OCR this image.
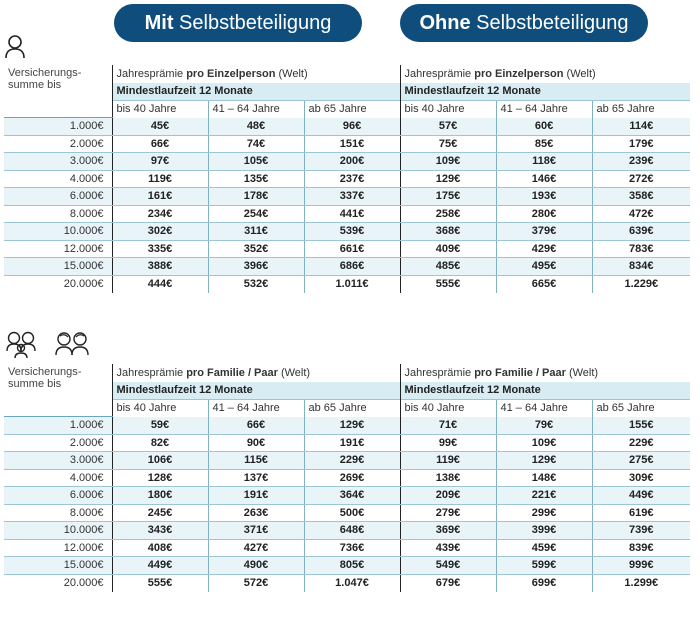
Mit Selbstbeteiligung	Ohne Selbstbeteiligung
Versicherungs-
summe bis	Jahresprämie pro Einzelperson (Welt)			Jahresprämie pro Einzelperson (Welt)		
	Mindestlaufzeit 12 Monate			Mindestlaufzeit 12 Monate		
	bis 40 Jahre	41 – 64 Jahre	ab 65 Jahre	bis 40 Jahre	41 – 64 Jahre	ab 65 Jahre
1.000€	45€	48€	96€	57€	60€	114€
2.000€	66€	74€	151€	75€	85€	179€
3.000€	97€	105€	200€	109€	118€	239€
4.000€	119€	135€	237€	129€	146€	272€
6.000€	161€	178€	337€	175€	193€	358€
8.000€	234€	254€	441€	258€	280€	472€
10.000€	302€	311€	539€	368€	379€	639€
12.000€	335€	352€	661€	409€	429€	783€
15.000€	388€	396€	686€	485€	495€	834€
20.000€	444€	532€	1.011€	555€	665€	1.229€
Versicherungs-
summe bis	Jahresprämie pro Familie / Paar (Welt)			Jahresprämie pro Familie / Paar (Welt)		
	Mindestlaufzeit 12 Monate			Mindestlaufzeit 12 Monate		
	bis 40 Jahre	41 – 64 Jahre	ab 65 Jahre	bis 40 Jahre	41 – 64 Jahre	ab 65 Jahre
1.000€	59€	66€	129€	71€	79€	155€
2.000€	82€	90€	191€	99€	109€	229€
3.000€	106€	115€	229€	119€	129€	275€
4.000€	128€	137€	269€	138€	148€	309€
6.000€	180€	191€	364€	209€	221€	449€
8.000€	245€	263€	500€	279€	299€	619€
10.000€	343€	371€	648€	369€	399€	739€
12.000€	408€	427€	736€	439€	459€	839€
15.000€	449€	490€	805€	549€	599€	999€
20.000€	555€	572€	1.047€	679€	699€	1.299€
